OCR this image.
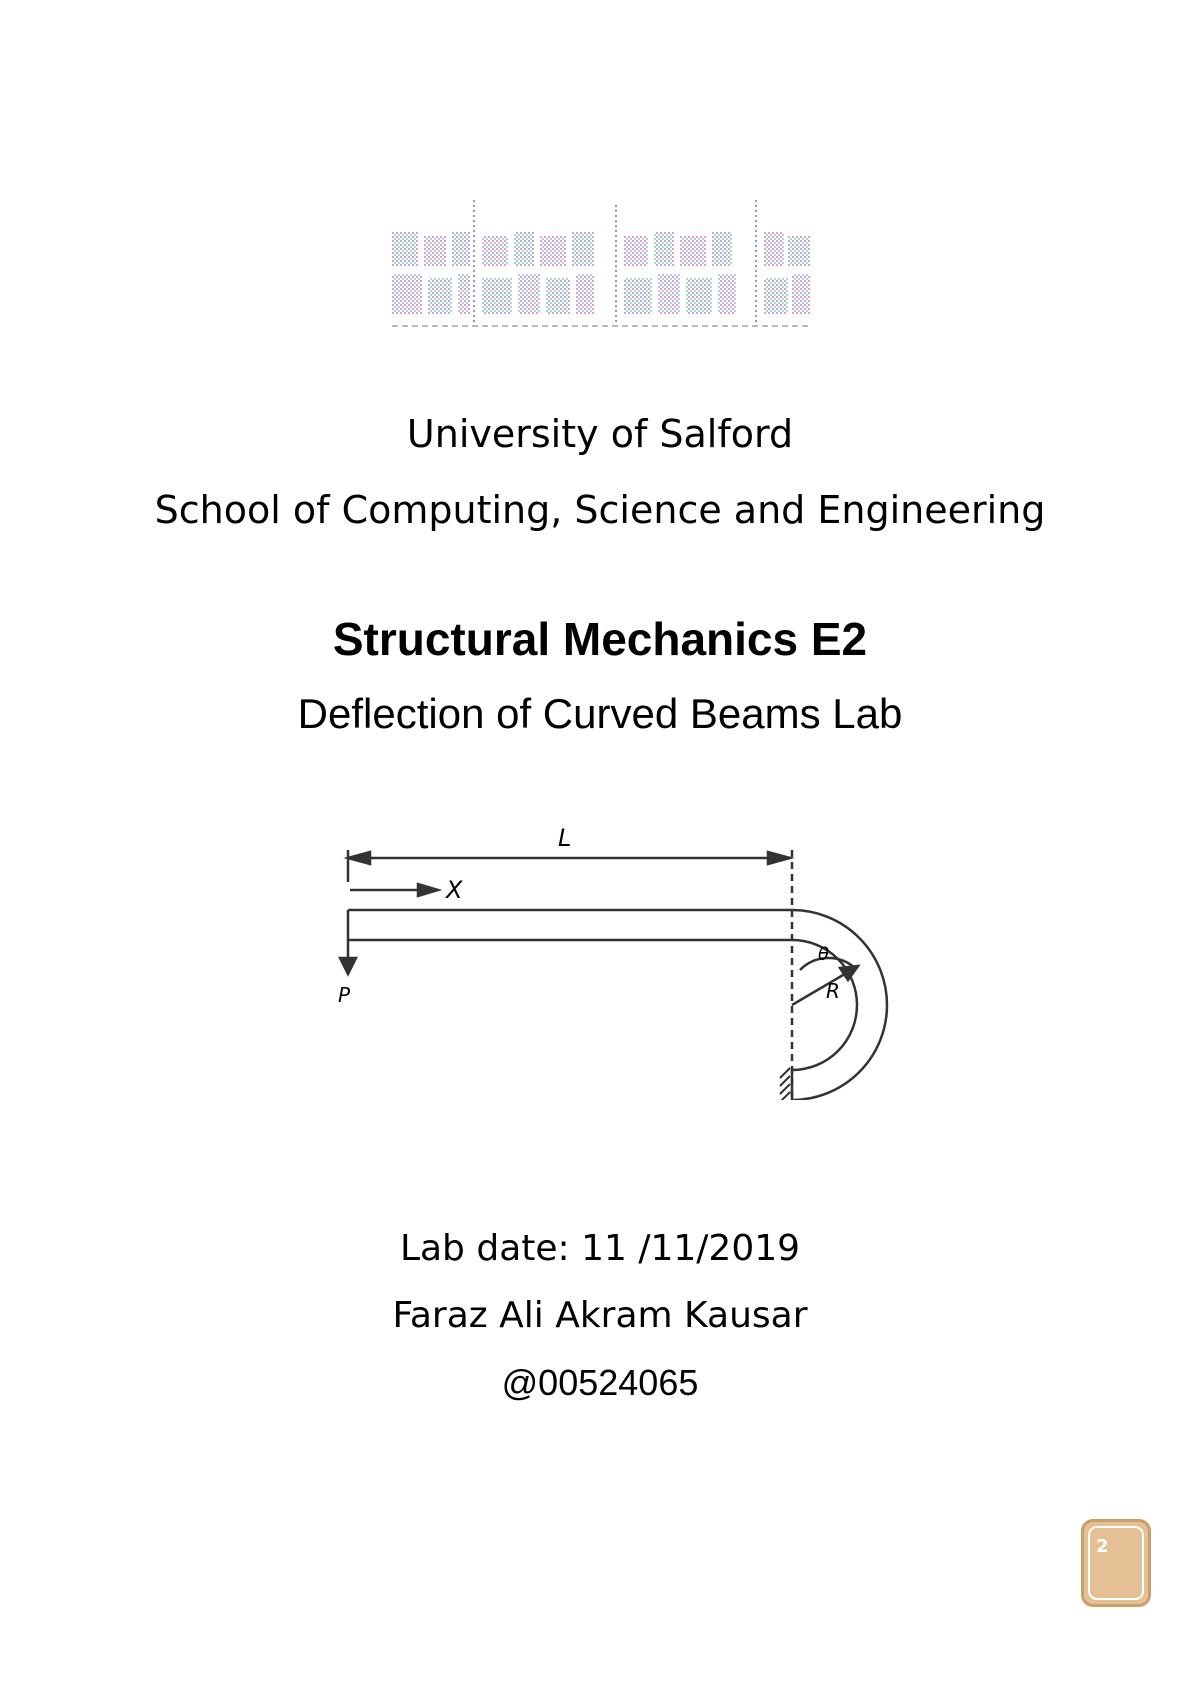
University of Salford
School of Computing, Science and Engineering
Structural Mechanics E2
Deflection of Curved Beams Lab
L
X
P
θ
R
Lab date: 11 /11/2019
Faraz Ali Akram Kausar
@00524065
2
